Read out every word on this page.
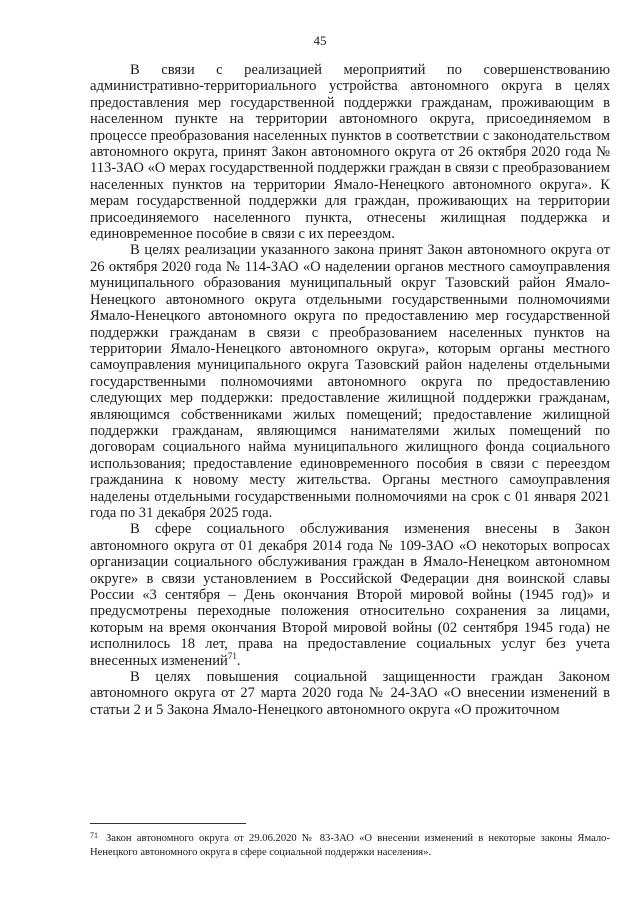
45

В связи с реализацией мероприятий по совершенствованию административно-территориального устройства автономного округа в целях предоставления мер государственной поддержки гражданам, проживающим в населенном пункте на территории автономного округа, присоединяемом в процессе преобразования населенных пунктов в соответствии с законодательством автономного округа, принят Закон автономного округа от 26 октября 2020 года № 113-ЗАО «О мерах государственной поддержки граждан в связи с преобразованием населенных пунктов на территории Ямало-Ненецкого автономного округа». К мерам государственной поддержки для граждан, проживающих на территории присоединяемого населенного пункта, отнесены жилищная поддержка и единовременное пособие в связи с их переездом.

В целях реализации указанного закона принят Закон автономного округа от 26 октября 2020 года № 114-ЗАО «О наделении органов местного самоуправления муниципального образования муниципальный округ Тазовский район Ямало-Ненецкого автономного округа отдельными государственными полномочиями Ямало-Ненецкого автономного округа по предоставлению мер государственной поддержки гражданам в связи с преобразованием населенных пунктов на территории Ямало-Ненецкого автономного округа», которым органы местного самоуправления муниципального округа Тазовский район наделены отдельными государственными полномочиями автономного округа по предоставлению следующих мер поддержки: предоставление жилищной поддержки гражданам, являющимся собственниками жилых помещений; предоставление жилищной поддержки гражданам, являющимся нанимателями жилых помещений по договорам социального найма муниципального жилищного фонда социального использования; предоставление единовременного пособия в связи с переездом гражданина к новому месту жительства. Органы местного самоуправления наделены отдельными государственными полномочиями на срок с 01 января 2021 года по 31 декабря 2025 года.

В сфере социального обслуживания изменения внесены в Закон автономного округа от 01 декабря 2014 года № 109-ЗАО «О некоторых вопросах организации социального обслуживания граждан в Ямало-Ненецком автономном округе» в связи установлением в Российской Федерации дня воинской славы России «3 сентября – День окончания Второй мировой войны (1945 год)» и предусмотрены переходные положения относительно сохранения за лицами, которым на время окончания Второй мировой войны (02 сентября 1945 года) не исполнилось 18 лет, права на предоставление социальных услуг без учета внесенных изменений$^{71}$.

В целях повышения социальной защищенности граждан Законом автономного округа от 27 марта 2020 года № 24-ЗАО «О внесении изменений в статьи 2 и 5 Закона Ямало-Ненецкого автономного округа «О прожиточном

$^{71}$ Закон автономного округа от 29.06.2020 № 83-ЗАО «О внесении изменений в некоторые законы Ямало-Ненецкого автономного округа в сфере социальной поддержки населения».
